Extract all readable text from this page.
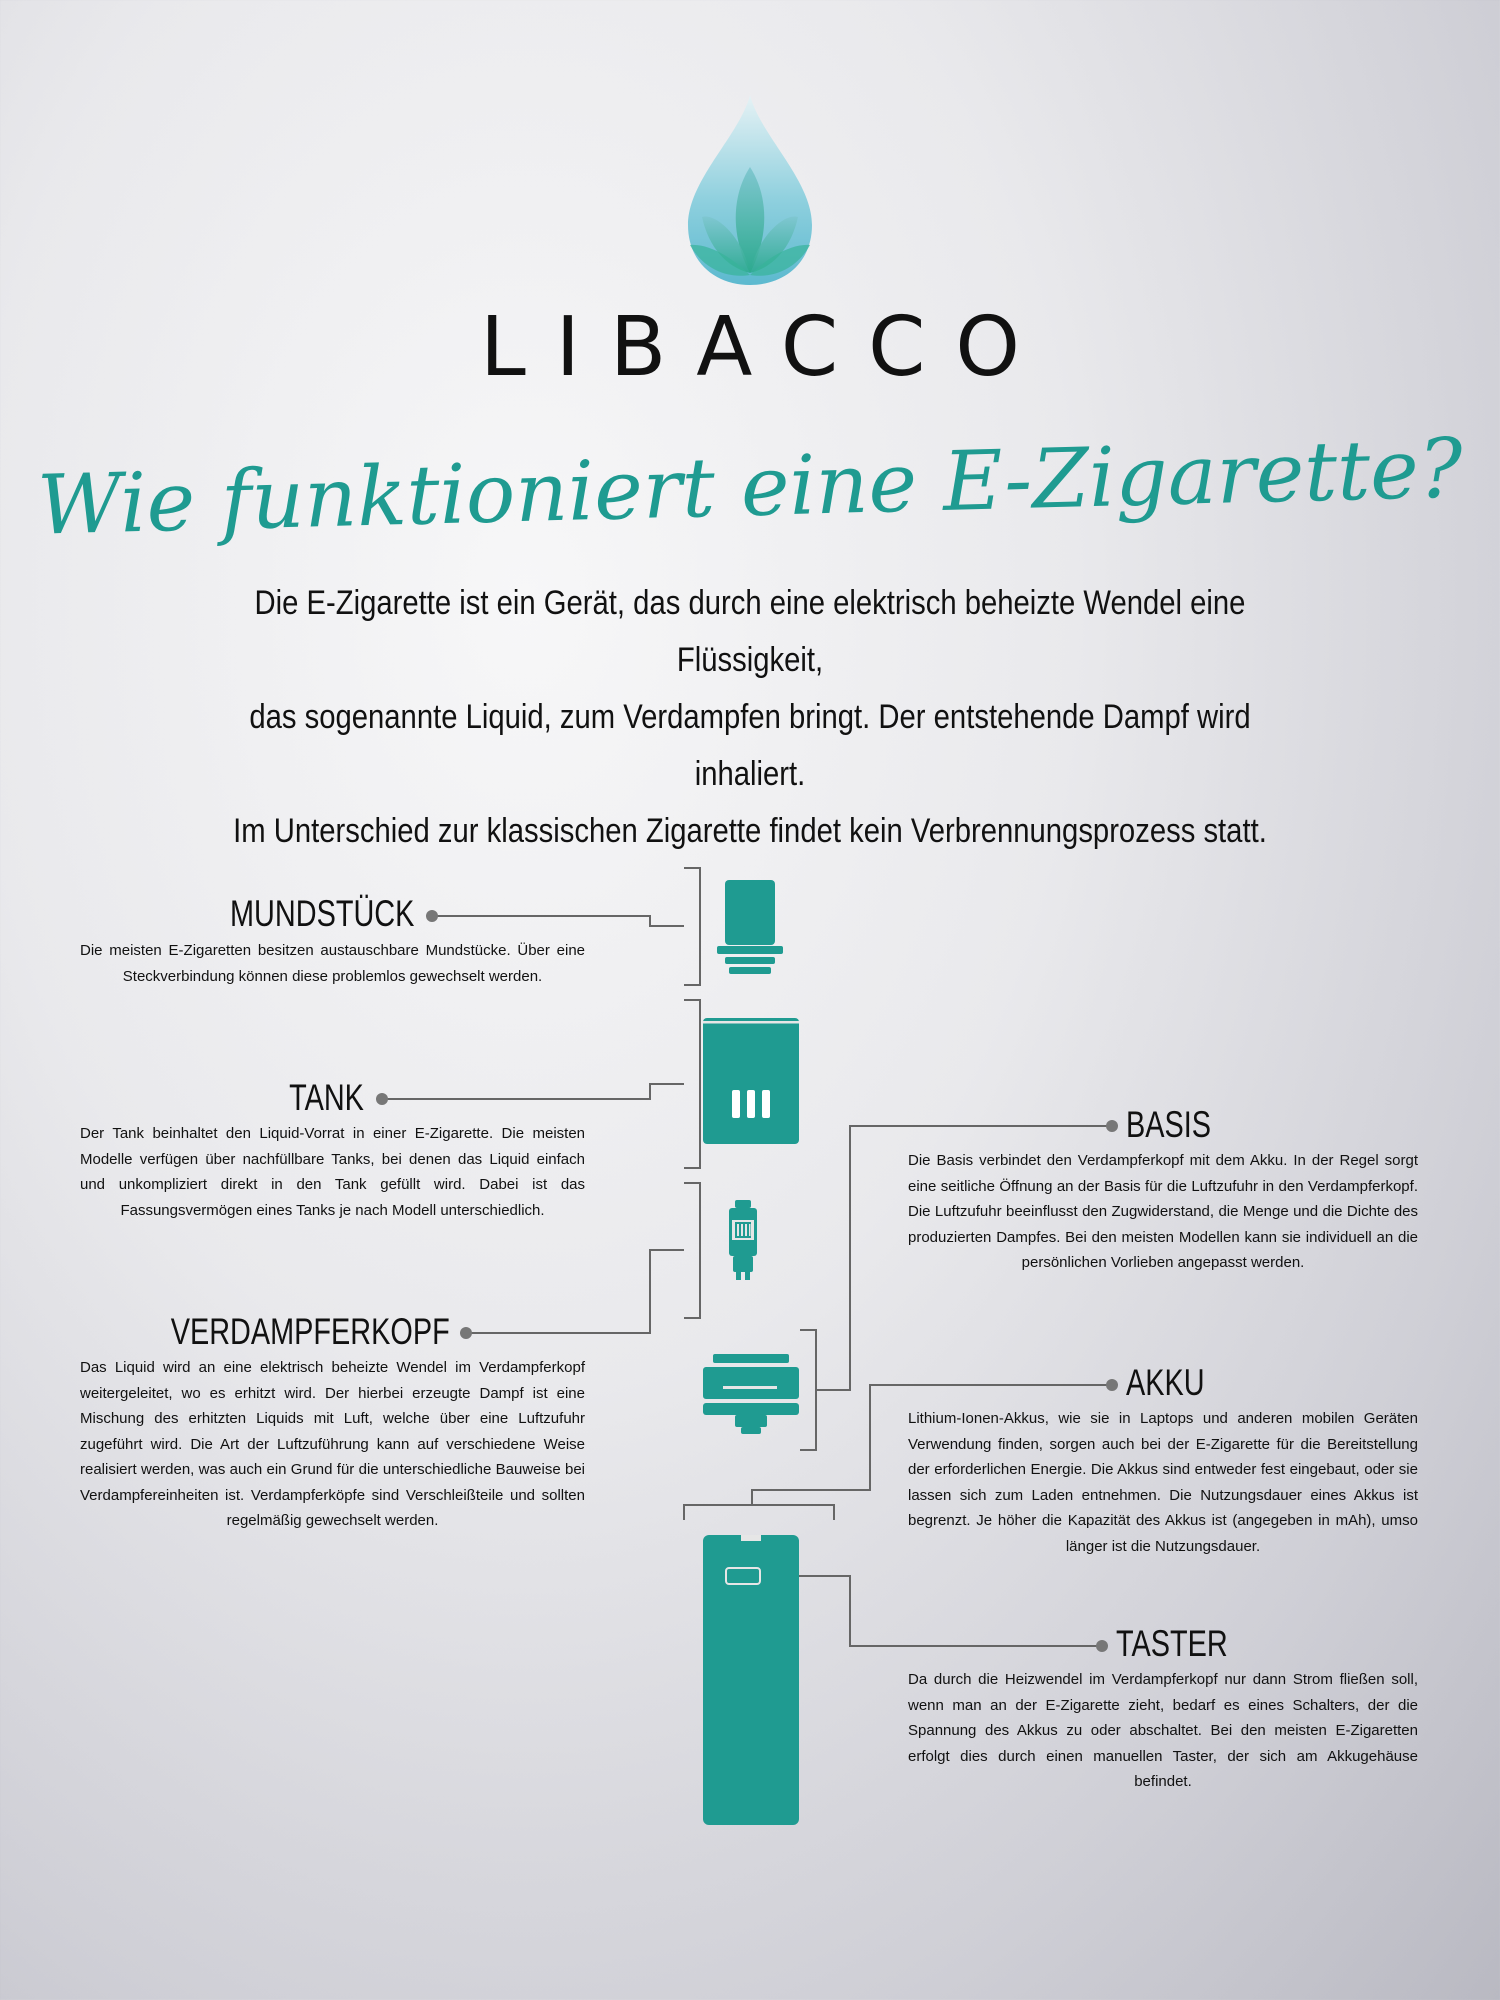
LIBACCO
Wie funktioniert eine E-Zigarette?

Die E-Zigarette ist ein Gerät, das durch eine elektrisch beheizte Wendel eine Flüssigkeit,

das sogenannte Liquid, zum Verdampfen bringt. Der entstehende Dampf wird inhaliert.

Im Unterschied zur klassischen Zigarette findet kein Verbrennungsprozess statt.

MUNDSTÜCK
Die meisten E-Zigaretten besitzen austauschbare Mundstücke. Über eine Steckverbindung können diese problemlos gewechselt werden.
TANK
Der Tank beinhaltet den Liquid-Vorrat in einer E-Zigarette. Die meisten Modelle verfügen über nachfüllbare Tanks, bei denen das Liquid einfach und unkompliziert direkt in den Tank gefüllt wird. Dabei ist das Fassungsvermögen eines Tanks je nach Modell unterschiedlich.
VERDAMPFERKOPF
Das Liquid wird an eine elektrisch beheizte Wendel im Verdampferkopf weitergeleitet, wo es erhitzt wird. Der hierbei erzeugte Dampf ist eine Mischung des erhitzten Liquids mit Luft, welche über eine Luftzufuhr zugeführt wird. Die Art der Luftzuführung kann auf verschiedene Weise realisiert werden, was auch ein Grund für die unterschiedliche Bauweise bei Verdampfereinheiten ist. Verdampferköpfe sind Verschleißteile und sollten regelmäßig gewechselt werden.
BASIS
Die Basis verbindet den Verdampferkopf mit dem Akku. In der Regel sorgt eine seitliche Öffnung an der Basis für die Luftzufuhr in den Verdampferkopf. Die Luftzufuhr beeinflusst den Zugwiderstand, die Menge und die Dichte des produzierten Dampfes. Bei den meisten Modellen kann sie individuell an die persönlichen Vorlieben angepasst werden.
AKKU
Lithium-Ionen-Akkus, wie sie in Laptops und anderen mobilen Geräten Verwendung finden, sorgen auch bei der E-Zigarette für die Bereitstellung der erforderlichen Energie. Die Akkus sind entweder fest eingebaut, oder sie lassen sich zum Laden entnehmen. Die Nutzungsdauer eines Akkus ist begrenzt. Je höher die Kapazität des Akkus ist (angegeben in mAh), umso länger ist die Nutzungsdauer.
TASTER
Da durch die Heizwendel im Verdampferkopf nur dann Strom fließen soll, wenn man an der E-Zigarette zieht, bedarf es eines Schalters, der die Spannung des Akkus zu oder abschaltet. Bei den meisten E-Zigaretten erfolgt dies durch einen manuellen Taster, der sich am Akkugehäuse befindet.
